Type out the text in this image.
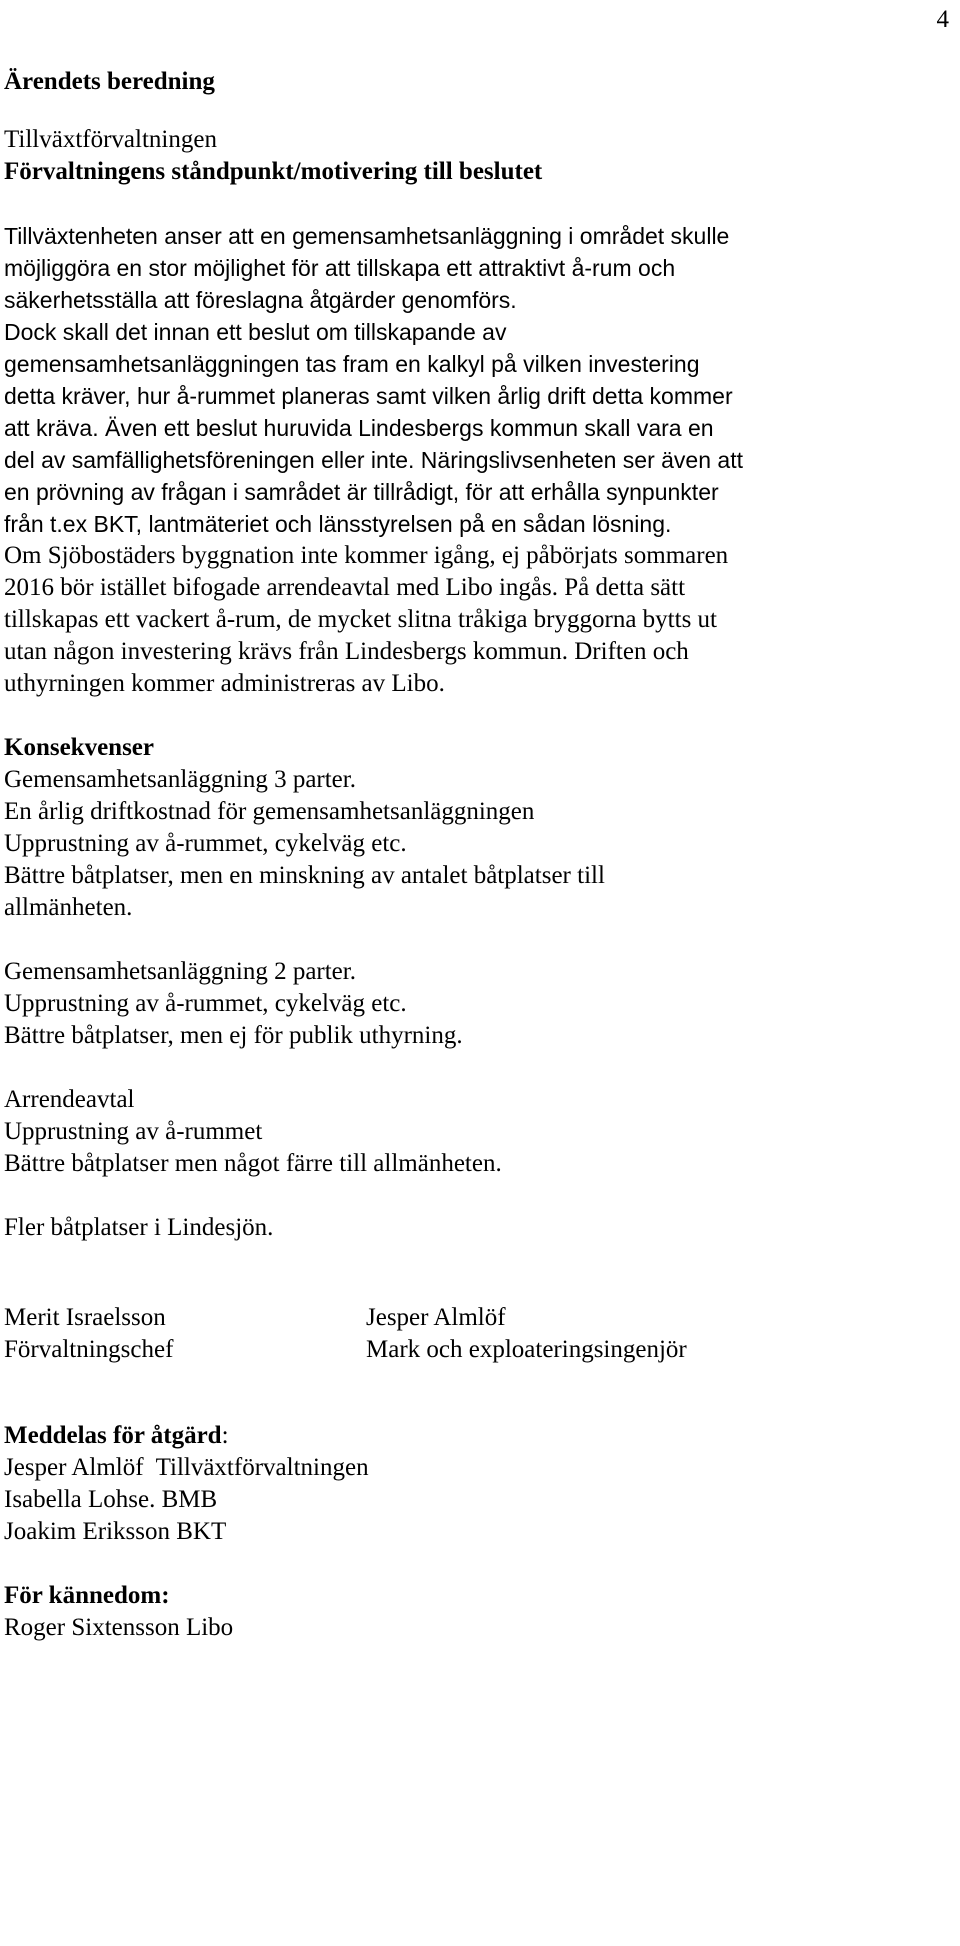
4
Ärendets beredning
Tillväxtförvaltningen
Förvaltningens ståndpunkt/motivering till beslutet
Tillväxtenheten anser att en gemensamhetsanläggning i området skulle
möjliggöra en stor möjlighet för att tillskapa ett attraktivt å-rum och
säkerhetsställa att föreslagna åtgärder genomförs.
Dock skall det innan ett beslut om tillskapande av
gemensamhetsanläggningen tas fram en kalkyl på vilken investering
detta kräver, hur å-rummet planeras samt vilken årlig drift detta kommer
att kräva. Även ett beslut huruvida Lindesbergs kommun skall vara en
del av samfällighetsföreningen eller inte. Näringslivsenheten ser även att
en prövning av frågan i samrådet är tillrådigt, för att erhålla synpunkter
från t.ex BKT, lantmäteriet och länsstyrelsen på en sådan lösning.
Om Sjöbostäders byggnation inte kommer igång, ej påbörjats sommaren
2016 bör istället bifogade arrendeavtal med Libo ingås. På detta sätt
tillskapas ett vackert å-rum, de mycket slitna tråkiga bryggorna bytts ut
utan någon investering krävs från Lindesbergs kommun. Driften och
uthyrningen kommer administreras av Libo.
Konsekvenser
Gemensamhetsanläggning 3 parter.
En årlig driftkostnad för gemensamhetsanläggningen
Upprustning av å-rummet, cykelväg etc.
Bättre båtplatser, men en minskning av antalet båtplatser till
allmänheten.
Gemensamhetsanläggning 2 parter.
Upprustning av å-rummet, cykelväg etc.
Bättre båtplatser, men ej för publik uthyrning.
Arrendeavtal
Upprustning av å-rummet
Bättre båtplatser men något färre till allmänheten.
Fler båtplatser i Lindesjön.
Merit Israelsson
Förvaltningschef
Jesper Almlöf
Mark och exploateringsingenjör
Meddelas för åtgärd:
Jesper Almlöf  Tillväxtförvaltningen
Isabella Lohse. BMB
Joakim Eriksson BKT
För kännedom:
Roger Sixtensson Libo
